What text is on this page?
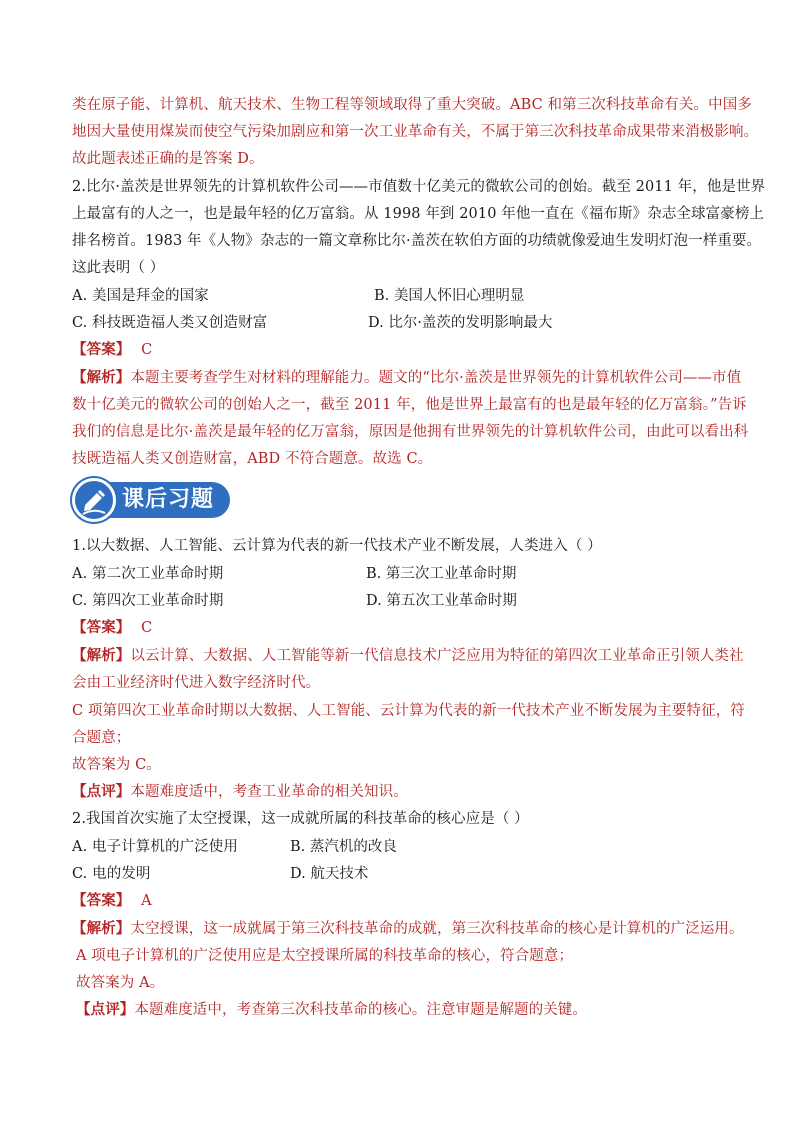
类在原子能、计算机、航天技术、生物工程等领域取得了重大突破。ABC 和第三次科技革命有关。中国多
地因大量使用煤炭而使空气污染加剧应和第一次工业革命有关，不属于第三次科技革命成果带来消极影响。
故此题表述正确的是答案 D。
2.比尔·盖茨是世界领先的计算机软件公司——市值数十亿美元的微软公司的创始。截至 2011 年，他是世界
上最富有的人之一，也是最年轻的亿万富翁。从 1998 年到 2010 年他一直在《福布斯》杂志全球富豪榜上
排名榜首。1983 年《人物》杂志的一篇文章称比尔·盖茨在软伯方面的功绩就像爱迪生发明灯泡一样重要。
这此表明（ ）
A. 美国是拜金的国家	B. 美国人怀旧心理明显
C. 科技既造福人类又创造财富	D. 比尔·盖茨的发明影响最大
【答案】 C
【解析】本题主要考查学生对材料的理解能力。题文的“比尔·盖茨是世界领先的计算机软件公司——市值
数十亿美元的微软公司的创始人之一，截至 2011 年，他是世界上最富有的也是最年轻的亿万富翁。”告诉
我们的信息是比尔·盖茨是最年轻的亿万富翁，原因是他拥有世界领先的计算机软件公司，由此可以看出科
技既造福人类又创造财富，ABD 不符合题意。故选 C。
课后习题
1.以大数据、人工智能、云计算为代表的新一代技术产业不断发展，人类进入（ ）
A. 第二次工业革命时期	B. 第三次工业革命时期
C. 第四次工业革命时期	D. 第五次工业革命时期
【答案】 C
【解析】以云计算、大数据、人工智能等新一代信息技术广泛应用为特征的第四次工业革命正引领人类社
会由工业经济时代进入数字经济时代。
C 项第四次工业革命时期以大数据、人工智能、云计算为代表的新一代技术产业不断发展为主要特征，符
合题意；
故答案为 C。
【点评】本题难度适中，考查工业革命的相关知识。
2.我国首次实施了太空授课，这一成就所属的科技革命的核心应是（ ）
A. 电子计算机的广泛使用	B. 蒸汽机的改良
C. 电的发明	D. 航天技术
【答案】 A
【解析】太空授课，这一成就属于第三次科技革命的成就，第三次科技革命的核心是计算机的广泛运用。
A 项电子计算机的广泛使用应是太空授课所属的科技革命的核心，符合题意；
故答案为 A。
【点评】本题难度适中，考查第三次科技革命的核心。注意审题是解题的关键。
